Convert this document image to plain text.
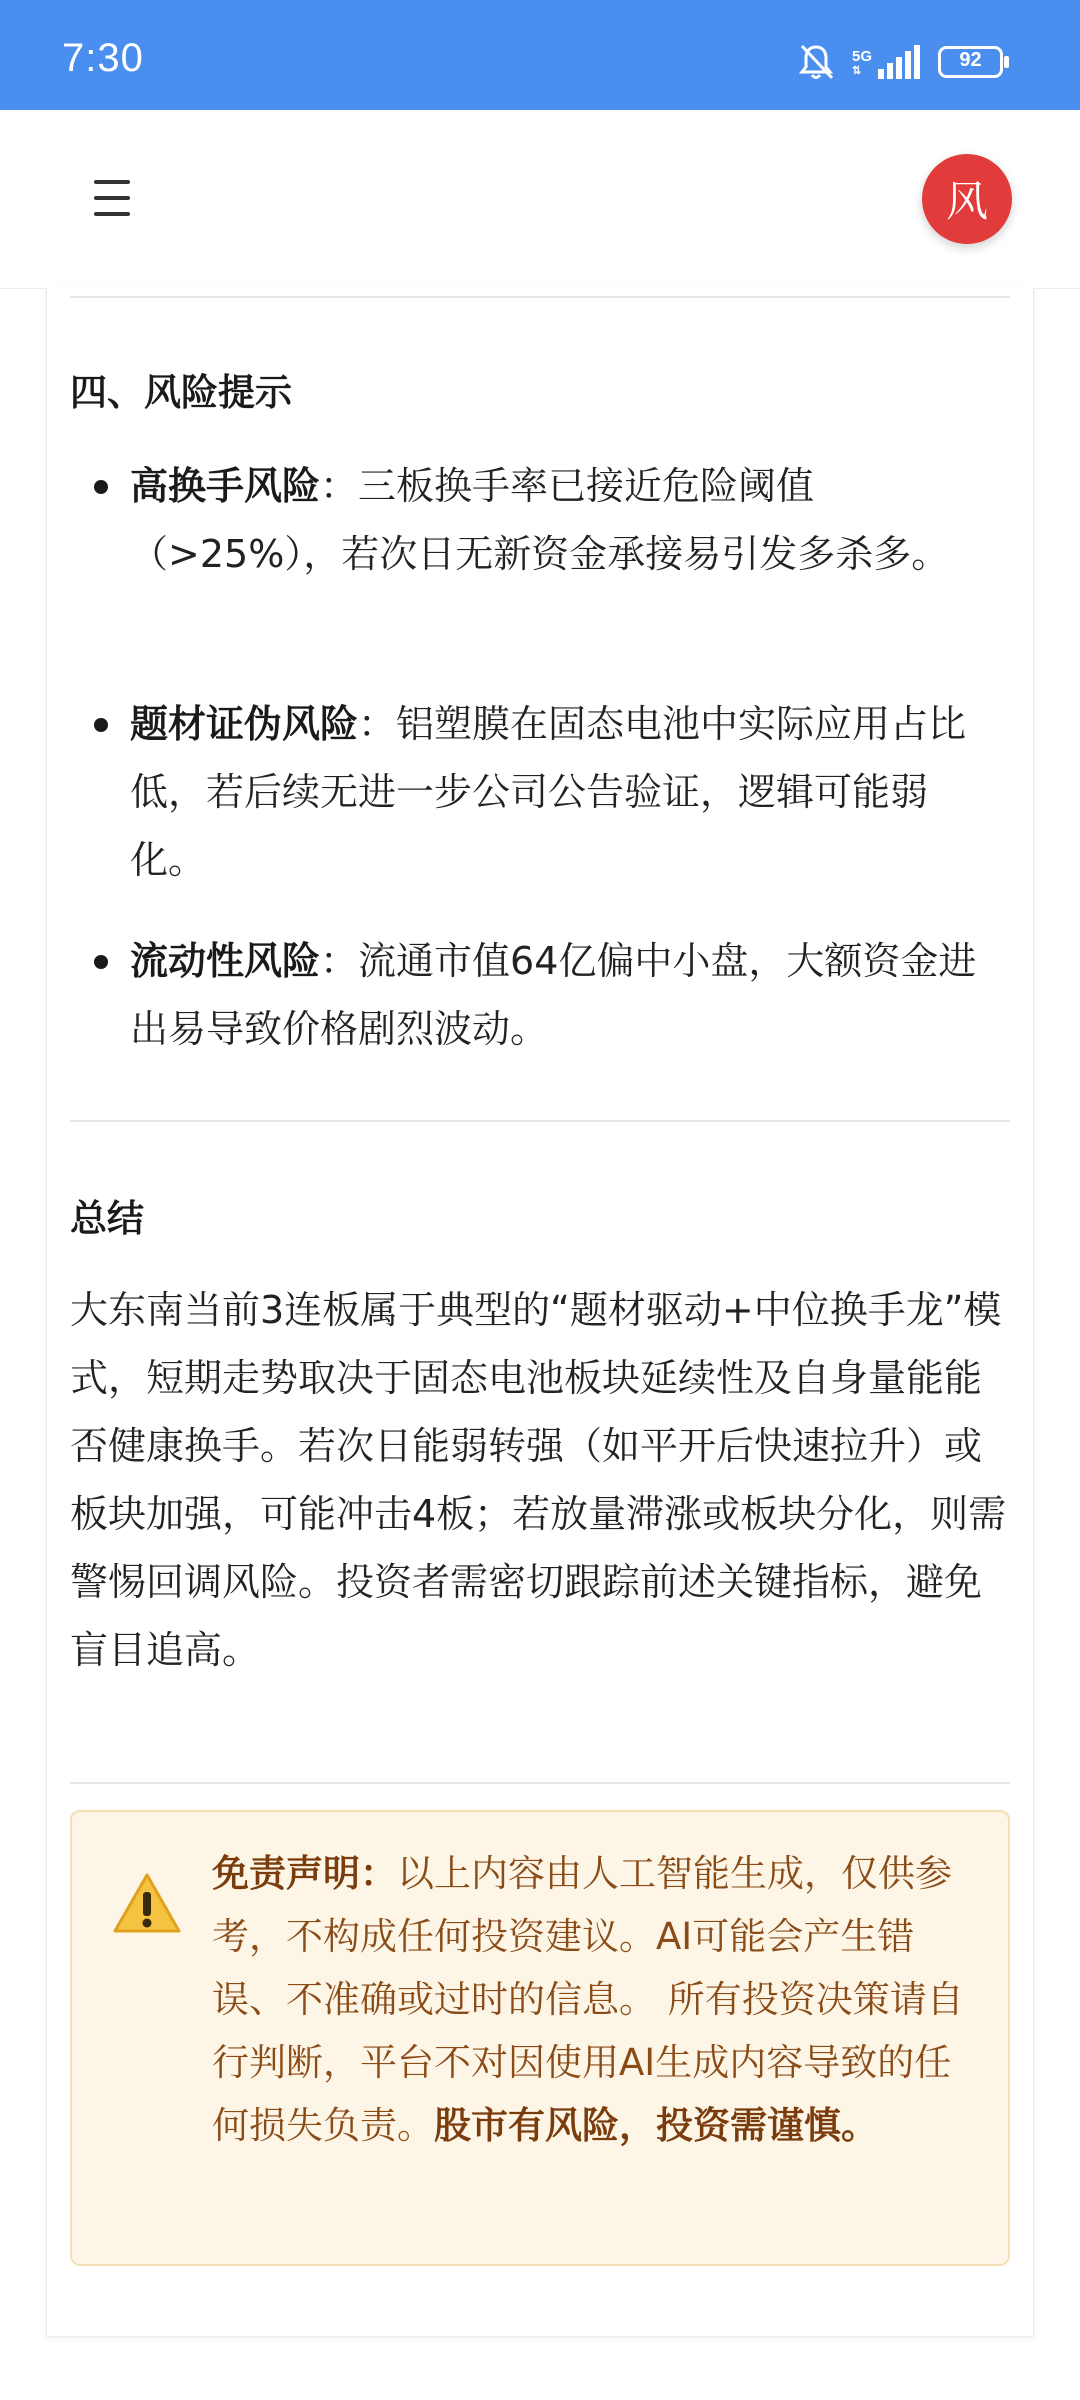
7:30	5G
⇅	92
风
四、风险提示
高换手风险：三板换手率已接近危险阈值（>25%），若次日无新资金承接易引发多杀多。
题材证伪风险：铝塑膜在固态电池中实际应用占比低，若后续无进一步公司公告验证，逻辑可能弱化。
流动性风险：流通市值64亿偏中小盘，大额资金进出易导致价格剧烈波动。
总结
大东南当前3连板属于典型的“题材驱动+中位换手龙”模式，短期走势取决于固态电池板块延续性及自身量能能否健康换手。若次日能弱转强（如平开后快速拉升）或板块加强，可能冲击4板；若放量滞涨或板块分化，则需警惕回调风险。投资者需密切跟踪前述关键指标，避免盲目追高。
免责声明：以上内容由人工智能生成，仅供参考，不构成任何投资建议。AI可能会产生错误、不准确或过时的信息。 所有投资决策请自行判断，平台不对因使用AI生成内容导致的任何损失负责。股市有风险，投资需谨慎。
